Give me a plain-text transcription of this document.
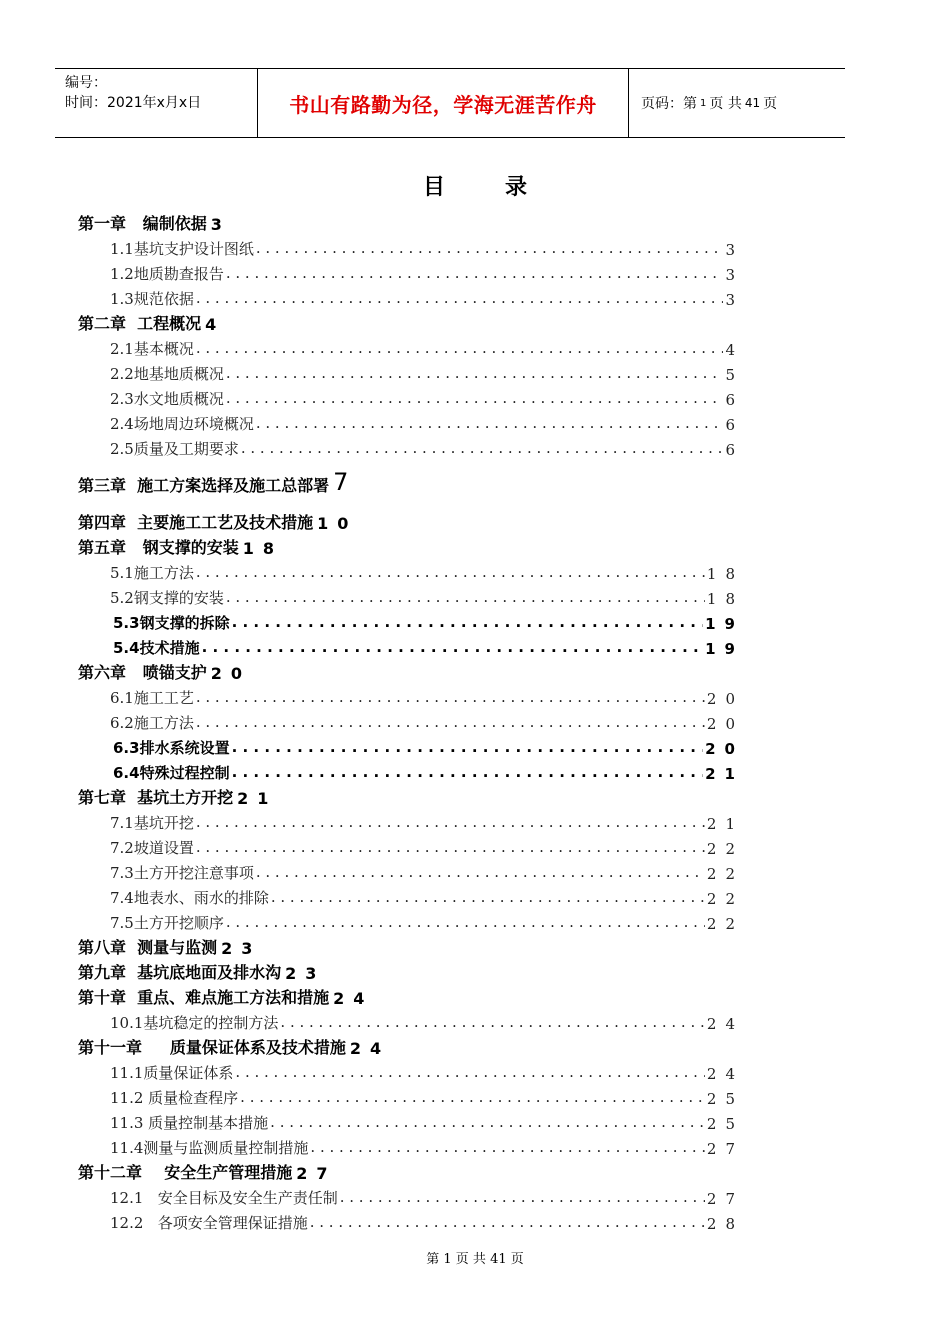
编号：
时间：2021年x月x日	书山有路勤为径，学海无涯苦作舟	页码：第 1 页 共 41 页
目录
第一章   编制依据 3
1.1基坑支护设计图纸 . . .	3
1.2地质勘查报告 . . .	3
1.3规范依据 . . .	3
第二章  工程概况 4
2.1基本概况 . . .	4
2.2地基地质概况 . . .	5
2.3水文地质概况 . . .	6
2.4场地周边环境概况 . . .	6
2.5质量及工期要求 . . .	6
第三章  施工方案选择及施工总部署 7
第四章  主要施工工艺及技术措施 10
第五章   钢支撑的安装 18
5.1施工方法 . . .	18
5.2钢支撑的安装 . . .	18
5.3钢支撑的拆除 . . .	19
5.4技术措施 . . .	19
第六章   喷锚支护 20
6.1施工工艺 . . .	20
6.2施工方法 . . .	20
6.3排水系统设置 . . .	20
6.4特殊过程控制 . . .	21
第七章  基坑土方开挖 21
7.1基坑开挖 . . .	21
7.2坡道设置 . . .	22
7.3土方开挖注意事项 . . .	22
7.4地表水、雨水的排除 . . .	22
7.5土方开挖顺序 . . .	22
第八章  测量与监测 23
第九章  基坑底地面及排水沟 23
第十章  重点、难点施工方法和措施 24
10.1基坑稳定的控制方法 . . .	24
第十一章     质量保证体系及技术措施 24
11.1质量保证体系 . . .	24
11.2 质量检查程序 . . .	25
11.3 质量控制基本措施 . . .	25
11.4测量与监测质量控制措施 . . .	27
第十二章    安全生产管理措施 27
12.1   安全目标及安全生产责任制 . . .	27
12.2   各项安全管理保证措施 . . .	28
第 1 页 共 41 页
